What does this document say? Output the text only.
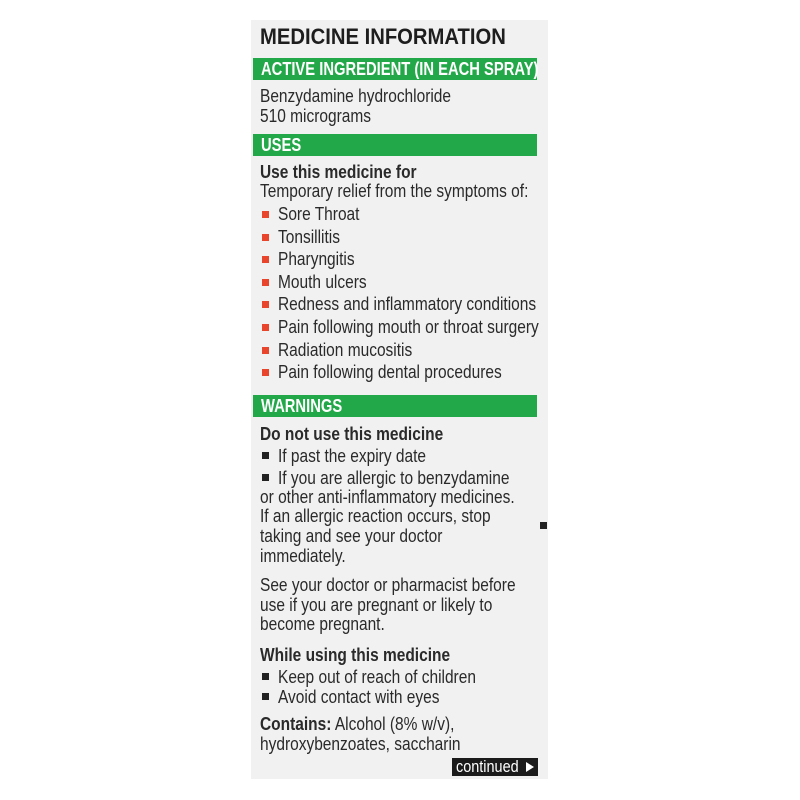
MEDICINE INFORMATION
ACTIVE INGREDIENT (IN EACH SPRAY)
Benzydamine hydrochloride
510 micrograms
USES
Use this medicine for
Temporary relief from the symptoms of:
Sore Throat
Tonsillitis
Pharyngitis
Mouth ulcers
Redness and inflammatory conditions
Pain following mouth or throat surgery
Radiation mucositis
Pain following dental procedures
WARNINGS
Do not use this medicine
If past the expiry date
If you are allergic to benzydamine
or other anti-inflammatory medicines.
If an allergic reaction occurs, stop
taking and see your doctor
immediately.
See your doctor or pharmacist before
use if you are pregnant or likely to
become pregnant.
While using this medicine
Keep out of reach of children
Avoid contact with eyes
Contains: Alcohol (8% w/v),
hydroxybenzoates, saccharin
continued
